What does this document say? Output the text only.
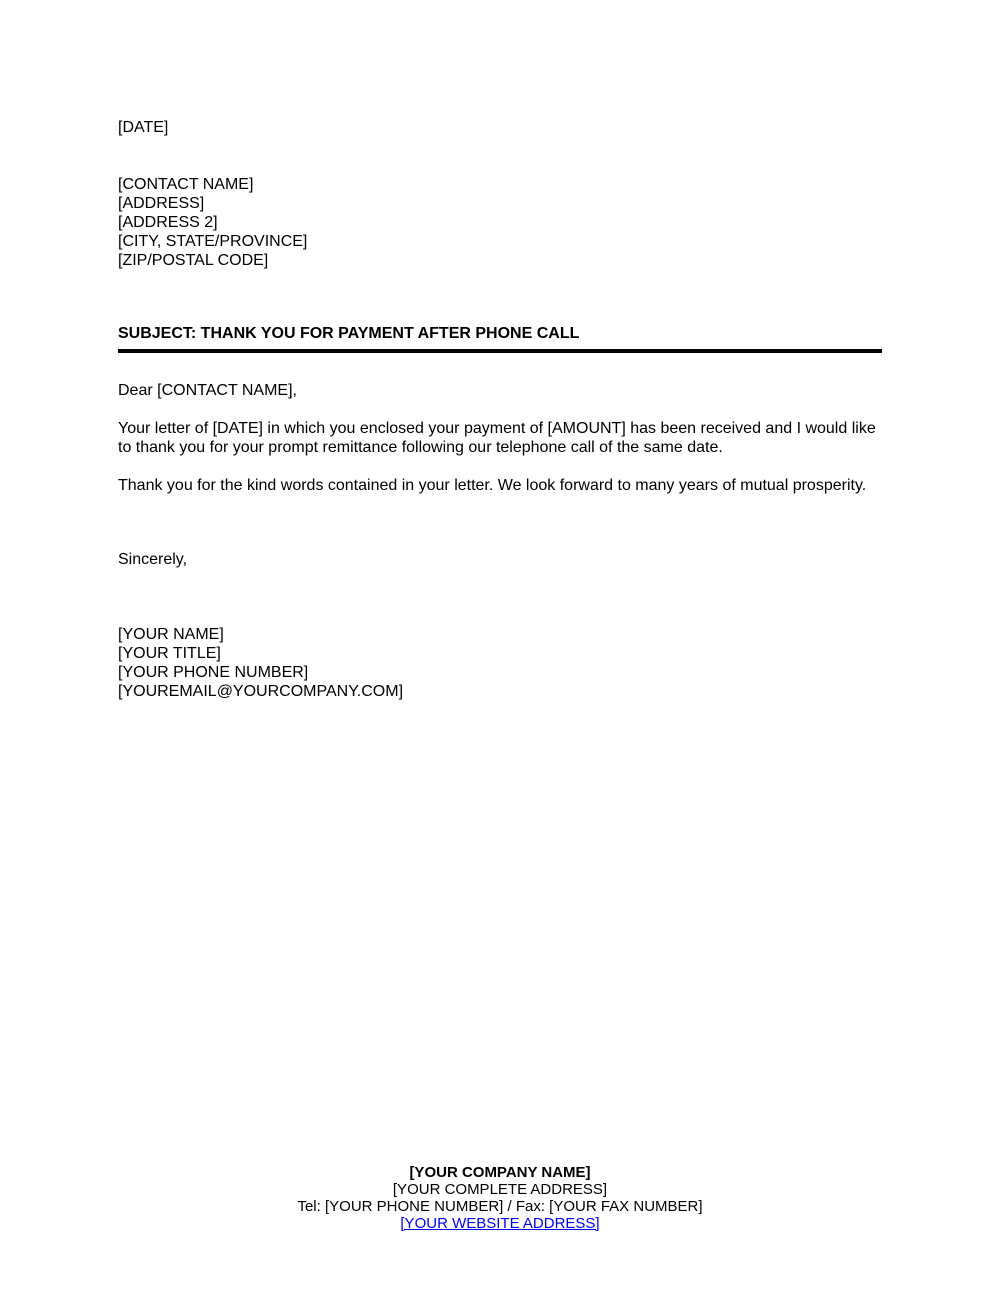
[DATE]
[CONTACT NAME]
[ADDRESS]
[ADDRESS 2]
[CITY, STATE/PROVINCE]
[ZIP/POSTAL CODE]
SUBJECT: THANK YOU FOR PAYMENT AFTER PHONE CALL
Dear [CONTACT NAME],
Your letter of [DATE] in which you enclosed your payment of [AMOUNT] has been received and I would like to thank you for your prompt remittance following our telephone call of the same date.
Thank you for the kind words contained in your letter. We look forward to many years of mutual prosperity.
Sincerely,
[YOUR NAME]
[YOUR TITLE]
[YOUR PHONE NUMBER]
[YOUREMAIL@YOURCOMPANY.COM]
[YOUR COMPANY NAME]
[YOUR COMPLETE ADDRESS]
Tel: [YOUR PHONE NUMBER] / Fax: [YOUR FAX NUMBER]
[YOUR WEBSITE ADDRESS]
